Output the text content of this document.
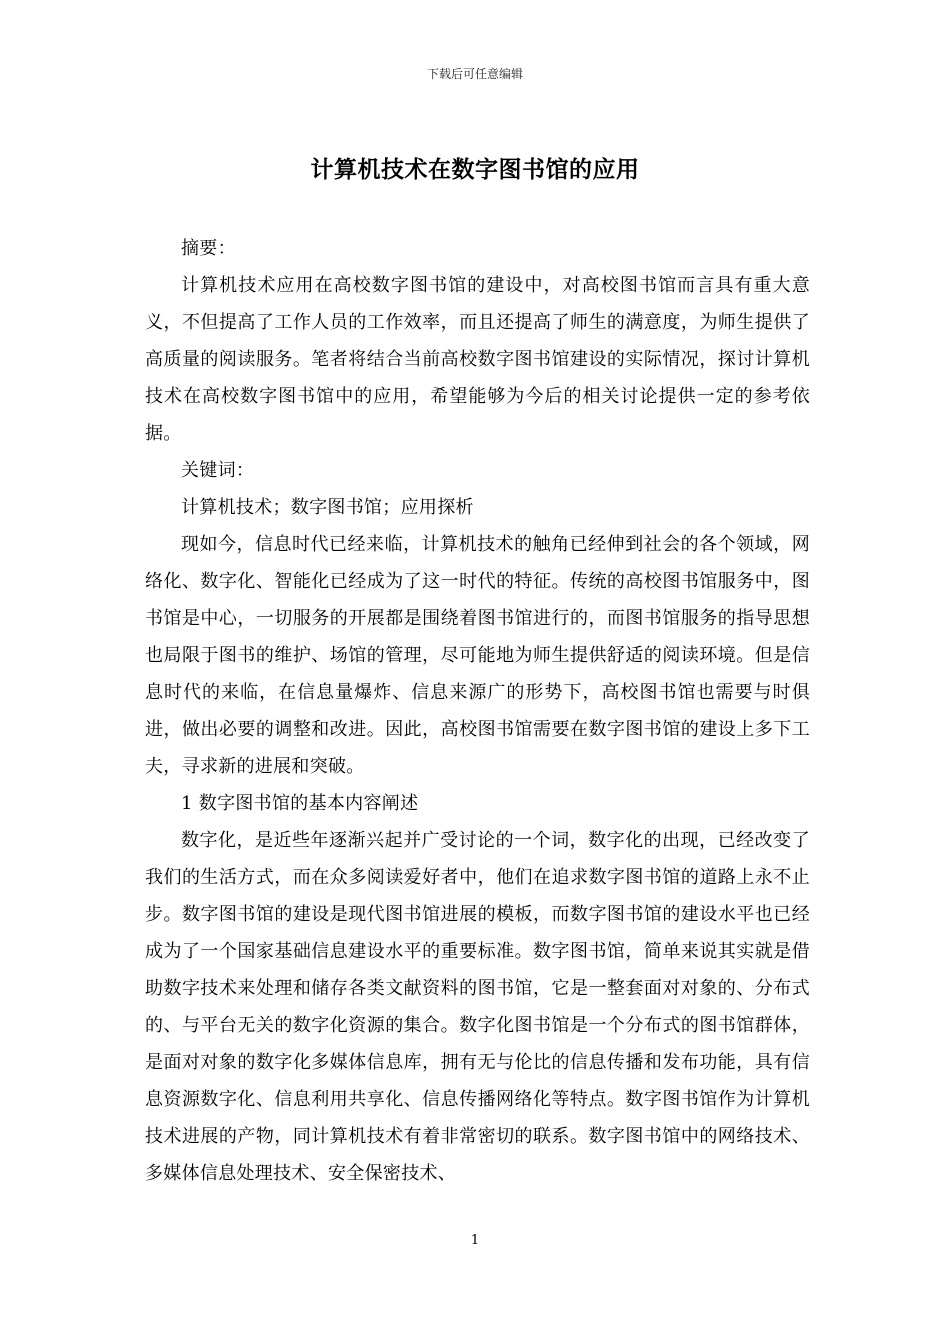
下载后可任意编辑
计算机技术在数字图书馆的应用

摘要：

计算机技术应用在高校数字图书馆的建设中，对高校图书馆而言具有重大意义，不但提高了工作人员的工作效率，而且还提高了师生的满意度，为师生提供了高质量的阅读服务。笔者将结合当前高校数字图书馆建设的实际情况，探讨计算机技术在高校数字图书馆中的应用，希望能够为今后的相关讨论提供一定的参考依据。

关键词：

计算机技术；数字图书馆；应用探析

现如今，信息时代已经来临，计算机技术的触角已经伸到社会的各个领域，网络化、数字化、智能化已经成为了这一时代的特征。传统的高校图书馆服务中，图书馆是中心，一切服务的开展都是围绕着图书馆进行的，而图书馆服务的指导思想也局限于图书的维护、场馆的管理，尽可能地为师生提供舒适的阅读环境。但是信息时代的来临，在信息量爆炸、信息来源广的形势下，高校图书馆也需要与时俱进，做出必要的调整和改进。因此，高校图书馆需要在数字图书馆的建设上多下工夫，寻求新的进展和突破。

1 数字图书馆的基本内容阐述

数字化，是近些年逐渐兴起并广受讨论的一个词，数字化的出现，已经改变了我们的生活方式，而在众多阅读爱好者中，他们在追求数字图书馆的道路上永不止步。数字图书馆的建设是现代图书馆进展的模板，而数字图书馆的建设水平也已经成为了一个国家基础信息建设水平的重要标准。数字图书馆，简单来说其实就是借助数字技术来处理和储存各类文献资料的图书馆，它是一整套面对对象的、分布式的、与平台无关的数字化资源的集合。数字化图书馆是一个分布式的图书馆群体，是面对对象的数字化多媒体信息库，拥有无与伦比的信息传播和发布功能，具有信息资源数字化、信息利用共享化、信息传播网络化等特点。数字图书馆作为计算机技术进展的产物，同计算机技术有着非常密切的联系。数字图书馆中的网络技术、多媒体信息处理技术、安全保密技术、

1
